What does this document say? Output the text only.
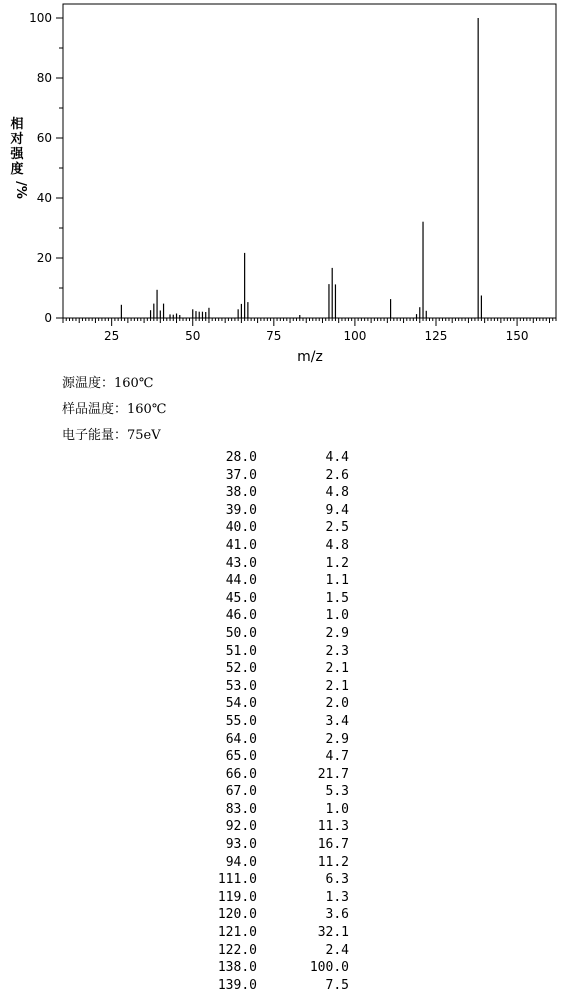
25	50	75	100	125	150
0
20
40
60
80
100
m/z
相
对
强
度
/%
源温度：160℃
样品温度：160℃
电子能量：75eV
28.0	4.4
37.0	2.6
38.0	4.8
39.0	9.4
40.0	2.5
41.0	4.8
43.0	1.2
44.0	1.1
45.0	1.5
46.0	1.0
50.0	2.9
51.0	2.3
52.0	2.1
53.0	2.1
54.0	2.0
55.0	3.4
64.0	2.9
65.0	4.7
66.0	21.7
67.0	5.3
83.0	1.0
92.0	11.3
93.0	16.7
94.0	11.2
111.0	6.3
119.0	1.3
120.0	3.6
121.0	32.1
122.0	2.4
138.0	100.0
139.0	7.5
